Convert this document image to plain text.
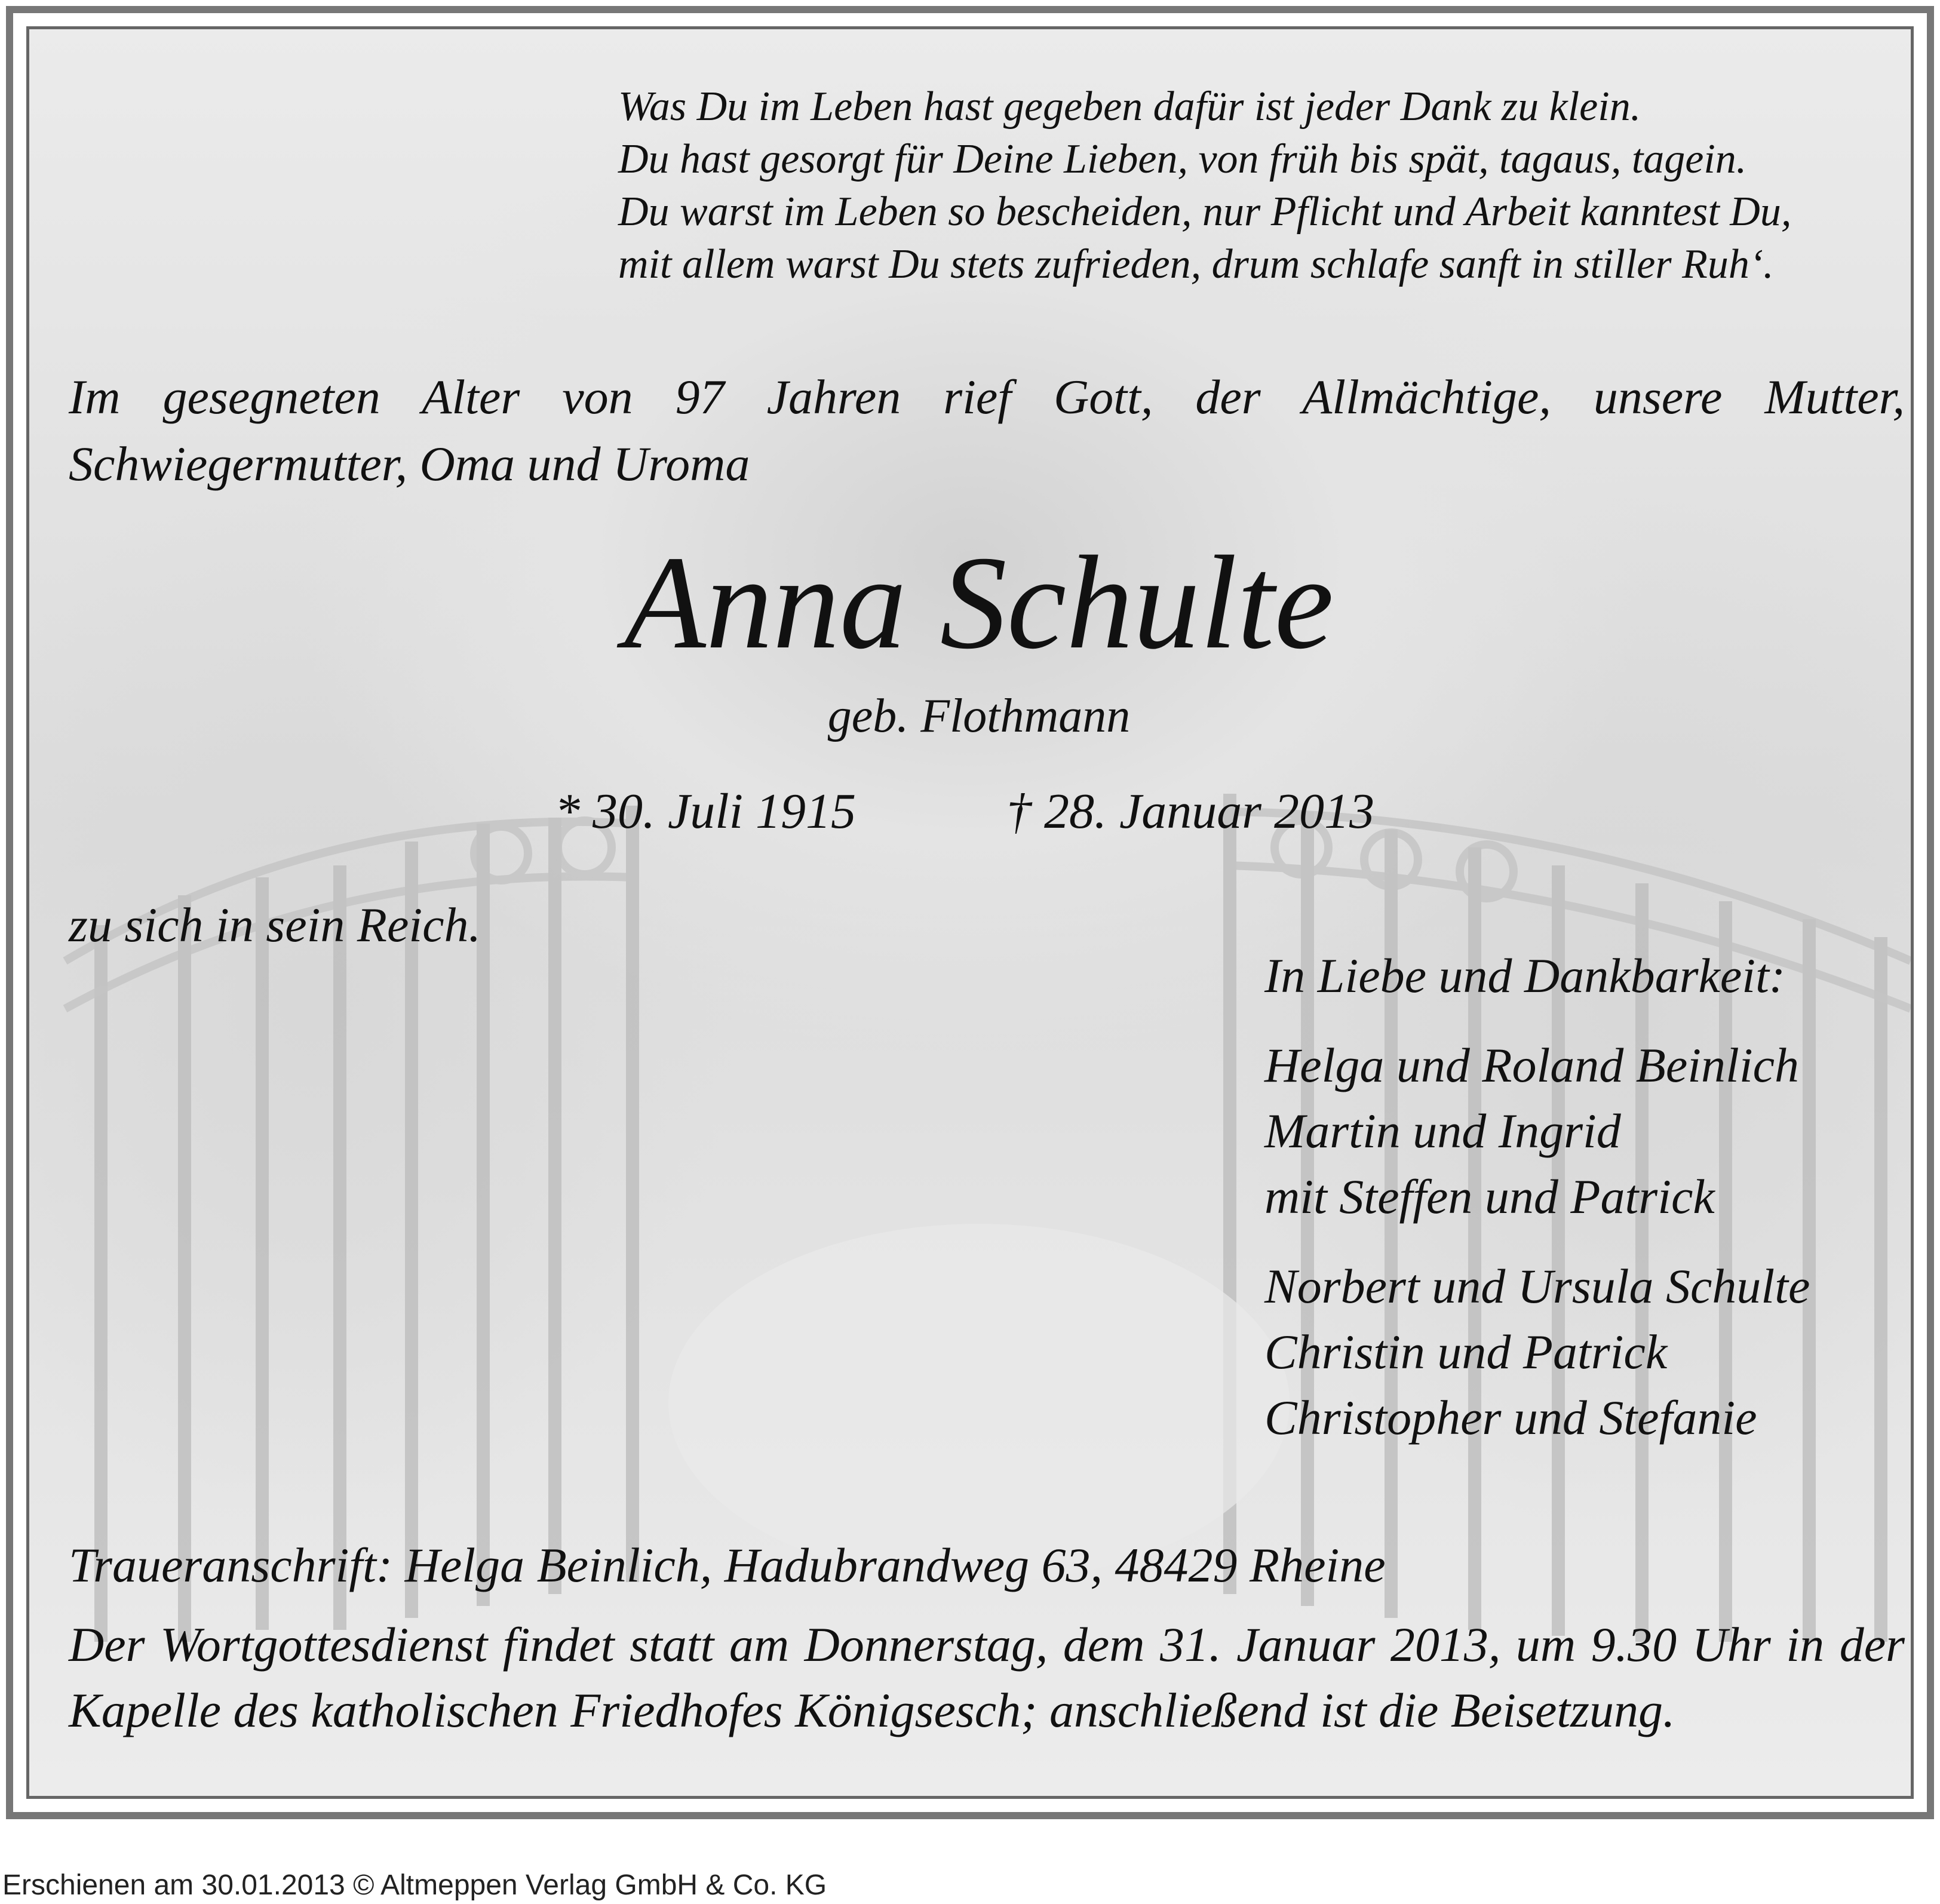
Was Du im Leben hast gegeben dafür ist jeder Dank zu klein.
Du hast gesorgt für Deine Lieben, von früh bis spät, tagaus, tagein.
Du warst im Leben so bescheiden, nur Pflicht und Arbeit kanntest Du,
mit allem warst Du stets zufrieden, drum schlafe sanft in stiller Ruh‘.
Im gesegneten Alter von 97 Jahren rief Gott, der Allmächtige, unsere Mutter,
Schwiegermutter, Oma und Uroma
Anna Schulte
geb. Flothmann
* 30. Juli 1915	† 28. Januar 2013
zu sich in sein Reich.
In Liebe und Dankbarkeit:
Helga und Roland Beinlich
Martin und Ingrid
mit Steffen und Patrick
Norbert und Ursula Schulte
Christin und Patrick
Christopher und Stefanie
Traueranschrift: Helga Beinlich, Hadubrandweg 63, 48429 Rheine
Der Wortgottesdienst findet statt am Donnerstag, dem 31. Januar 2013, um 9.30 Uhr in der Kapelle des katholischen Friedhofes Königsesch; anschließend ist die Beisetzung.

Erschienen am 30.01.2013 © Altmeppen Verlag GmbH & Co. KG
